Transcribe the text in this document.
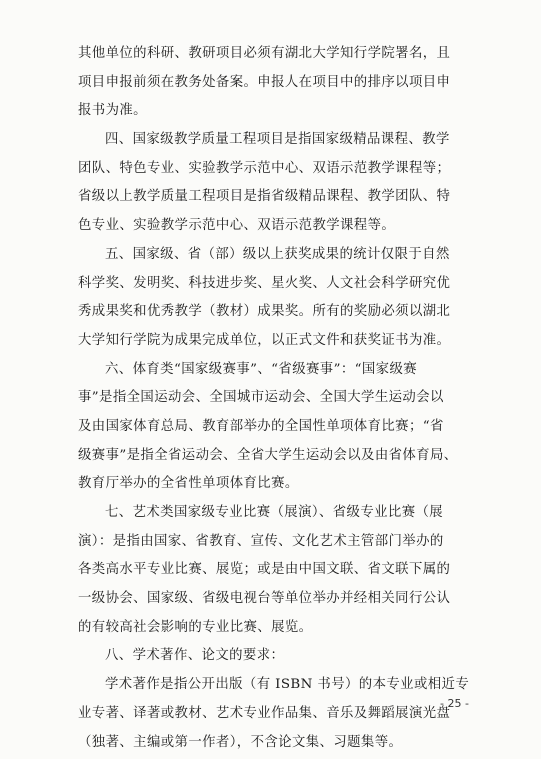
其他单位的科研、教研项目必须有湖北大学知行学院署名，且
项目申报前须在教务处备案。申报人在项目中的排序以项目申
报书为准。
四、国家级教学质量工程项目是指国家级精品课程、教学
团队、特色专业、实验教学示范中心、双语示范教学课程等；
省级以上教学质量工程项目是指省级精品课程、教学团队、特
色专业、实验教学示范中心、双语示范教学课程等。
五、国家级、省（部）级以上获奖成果的统计仅限于自然
科学奖、发明奖、科技进步奖、星火奖、人文社会科学研究优
秀成果奖和优秀教学（教材）成果奖。所有的奖励必须以湖北
大学知行学院为成果完成单位，以正式文件和获奖证书为准。
六、体育类“国家级赛事”、“省级赛事”：“国家级赛
事”是指全国运动会、全国城市运动会、全国大学生运动会以
及由国家体育总局、教育部举办的全国性单项体育比赛；“省
级赛事”是指全省运动会、全省大学生运动会以及由省体育局、
教育厅举办的全省性单项体育比赛。
七、艺术类国家级专业比赛（展演）、省级专业比赛（展
演）：是指由国家、省教育、宣传、文化艺术主管部门举办的
各类高水平专业比赛、展览；或是由中国文联、省文联下属的
一级协会、国家级、省级电视台等单位举办并经相关同行公认
的有较高社会影响的专业比赛、展览。
八、学术著作、论文的要求：
学术著作是指公开出版（有 ISBN 书号）的本专业或相近专
业专著、译著或教材、艺术专业作品集、音乐及舞蹈展演光盘
（独著、主编或第一作者），不含论文集、习题集等。
- 25 -
